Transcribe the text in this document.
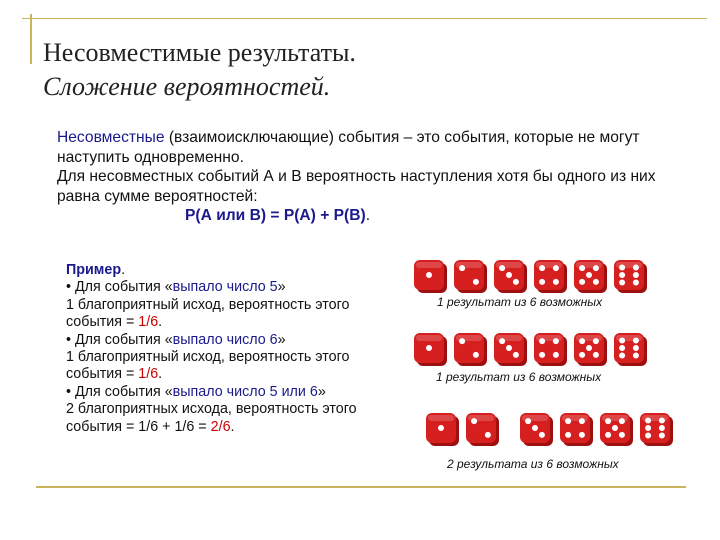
Несовместимые результаты.
Сложение вероятностей.
Несовместные (взаимоисключающие) события – это события, которые не могут наступить одновременно.
Для несовместных событий А и В вероятность наступления хотя бы одного из них равна сумме вероятностей:

Р(А или В) = Р(А) + Р(В).
Пример.
• Для события «выпало число 5»
1 благоприятный исход, вероятность этого события = 1/6.
• Для события «выпало число 6»
1 благоприятный исход, вероятность этого события = 1/6.
• Для события «выпало число 5 или 6»
2 благоприятных исхода, вероятность этого события = 1/6 + 1/6 = 2/6.
1 результат из 6 возможных
1 результат из 6 возможных
2 результата из 6 возможных
